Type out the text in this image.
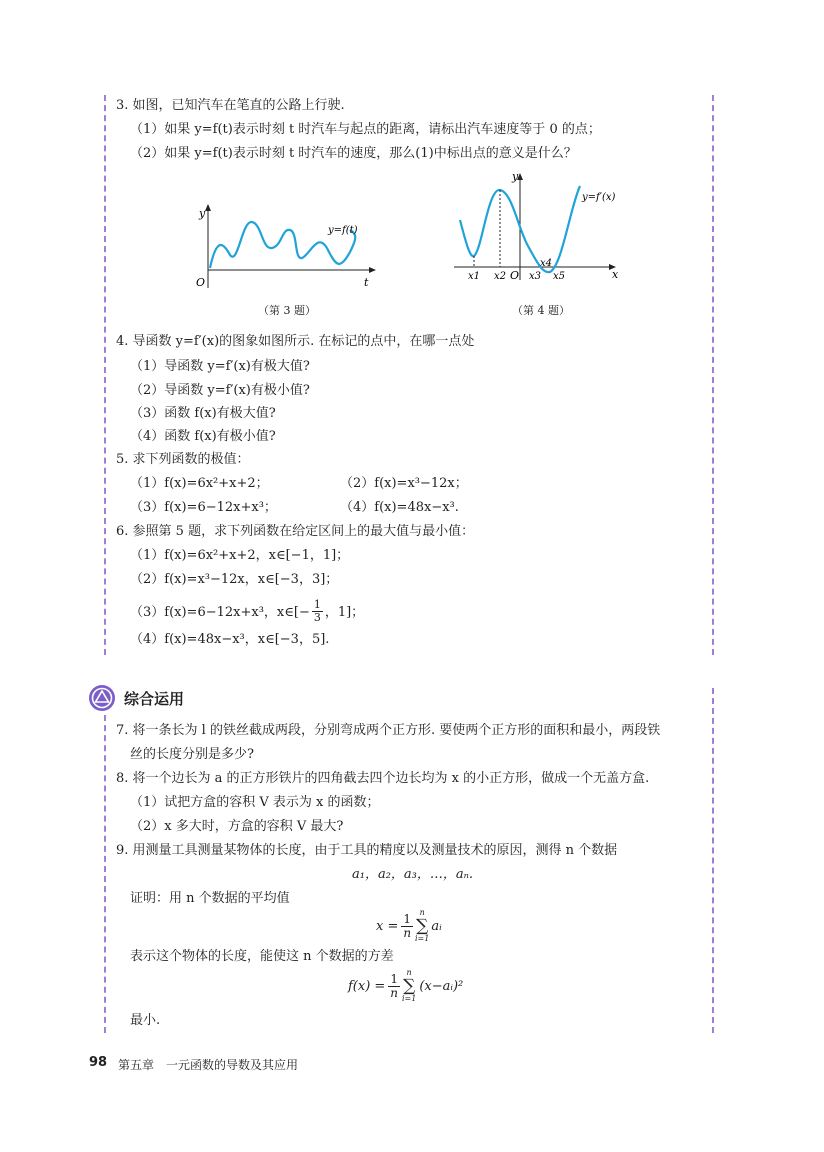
3. 如图，已知汽车在笔直的公路上行驶.
（1）如果 y=f(t)表示时刻 t 时汽车与起点的距离，请标出汽车速度等于 0 的点；
（2）如果 y=f(t)表示时刻 t 时汽车的速度，那么(1)中标出点的意义是什么？
y
O	t
y=f(t)
（第 3 题）
y
x
O
x1 x2 x3
x4
x5
y=f′(x)
（第 4 题）
4. 导函数 y=f′(x)的图象如图所示. 在标记的点中，在哪一点处
（1）导函数 y=f′(x)有极大值?
（2）导函数 y=f′(x)有极小值?
（3）函数 f(x)有极大值?
（4）函数 f(x)有极小值?
5. 求下列函数的极值：
（1）f(x)=6x²+x+2；	（2）f(x)=x³−12x；
（3）f(x)=6−12x+x³；	（4）f(x)=48x−x³.
6. 参照第 5 题，求下列函数在给定区间上的最大值与最小值：
（1）f(x)=6x²+x+2，x∈[−1，1]；
（2）f(x)=x³−12x，x∈[−3，3]；
（3）f(x)=6−12x+x³，x∈[− $\frac{1}{3}$ ，1]；
（4）f(x)=48x−x³，x∈[−3，5].
综合运用
7. 将一条长为 l 的铁丝截成两段，分别弯成两个正方形. 要使两个正方形的面积和最小，两段铁
丝的长度分别是多少?
8. 将一个边长为 a 的正方形铁片的四角截去四个边长均为 x 的小正方形，做成一个无盖方盒.
（1）试把方盒的容积 V 表示为 x 的函数；
（2）x 多大时，方盒的容积 V 最大?
9. 用测量工具测量某物体的长度，由于工具的精度以及测量技术的原因，测得 n 个数据
a₁，a₂，a₃，…，aₙ.
证明：用 n 个数据的平均值
$x = \frac{1}{n}$ n
∑
i=1
aᵢ
表示这个物体的长度，能使这 n 个数据的方差
$f(x) = \frac{1}{n}$ n
∑
i=1
(x−aᵢ)²
最小.
98 第五章　一元函数的导数及其应用
